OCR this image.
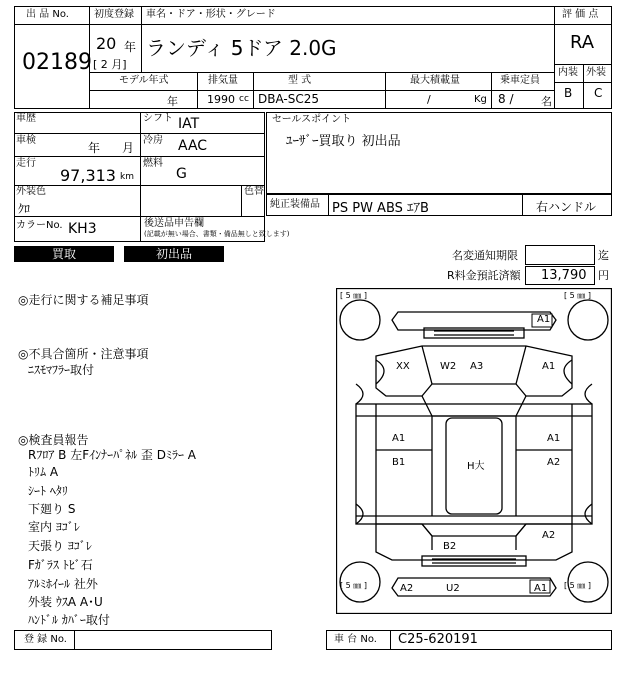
出 品 No.
02189
初度登録
20 年
[ 2 月]
車名・ドア・形状・グレード
ランディ 5ドア 2.0G
モデル年式	排気量	型 式	最大積載量	乗車定員
年	1990 cc DBA-SC25	/	Kg 8 /	名
評 価 点
RA
内装 外装
B C
車歴	シフト IAT
車検
年 月
冷房 AAC
走行
97,313 km
燃料
G
外装色
ｸﾛ
色替
カラーNo. KH3	後送品申告欄
(記載が無い場合、書類・備品無しと致します)
セールスポイント
ﾕｰｻﾞｰ買取り 初出品
純正装備品 PS PW ABS ｴｱB	右ハンドル
買取	初出品	名変通知期限	迄
R料金預託済額 13,790 円
◎走行に関する補足事項
◎不具合箇所・注意事項
ﾆｽﾓﾏﾌﾗｰ取付
◎検査員報告
Rﾌﾛｱ B 左Fｲﾝﾅｰﾊﾟﾈﾙ 歪 Dﾐﾗｰ A
ﾄﾘﾑ A
ｼｰﾄ ﾍﾀﾘ
下廻り S
室内 ﾖｺﾞﾚ
天張り ﾖｺﾞﾚ
Fｶﾞﾗｽ ﾄﾋﾞ石
ｱﾙﾐﾎｲｰﾙ 社外
外装 ｳｽA A･U
ﾊﾝﾄﾞﾙ ｶﾊﾞｰ取付
[ 5 ㎜ ]	[ 5 ㎜ ]
[ 5 ㎜ ]	[ 5 ㎜ ]
A1
XX	W2 A3	A1
A1	A1
B1	A2
H大
A2
B2
A2	U2	A1
登 録 No.	車 台 No. C25-620191
